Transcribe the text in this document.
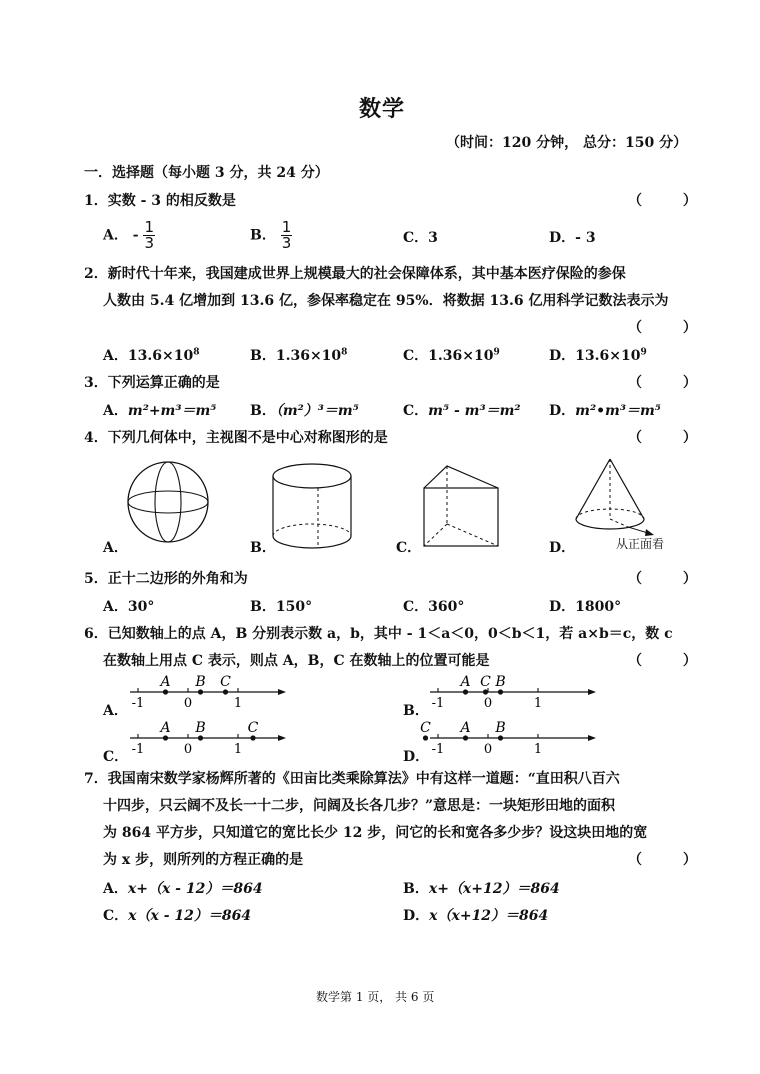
数学
（时间：120 分钟， 总分：150 分）
一．选择题（每小题 3 分，共 24 分）
1．实数 - 3 的相反数是	（ ）
A． - $\frac{1}{3}$	B． $\frac{1}{3}$	C．3	D．- 3
2．新时代十年来，我国建成世界上规模最大的社会保障体系，其中基本医疗保险的参保
人数由 5.4 亿增加到 13.6 亿，参保率稳定在 95%．将数据 13.6 亿用科学记数法表示为
（ ）
A．$13.6\times 10^8$	B．$1.36\times 10^8$	C．$1.36\times 10^9$	D．$13.6\times 10^9$
3．下列运算正确的是	（ ）
A．m²+m³＝m⁵ B．（m²）³＝m⁵	C．m⁵ - m³＝m² D．m²•m³＝m⁵
4．下列几何体中，主视图不是中心对称图形的是	（ ）
A．	B．	C．	从正面看
D．
5．正十二边形的外角和为	（ ）
A．30°	B．150°	C．360°	D．1800°
6．已知数轴上的点 A，B 分别表示数 a，b，其中 - 1＜a＜0，0＜b＜1，若 a×b＝c，数 c
在数轴上用点 C 表示，则点 A，B，C 在数轴上的位置可能是	（ ）
A． -1	0	1
A B C
B． -1	0	1
A C B
C． -1	0	1
A B	C
D． -1	0	1
C A B
7．我国南宋数学家杨辉所著的《田亩比类乘除算法》中有这样一道题：“直田积八百六
十四步，只云阔不及长一十二步，问阔及长各几步？”意思是：一块矩形田地的面积
为 864 平方步，只知道它的宽比长少 12 步，问它的长和宽各多少步？设这块田地的宽
为 x 步，则所列的方程正确的是	（ ）
A．x+（x - 12）＝864	B．x+（x+12）＝864
C．x（x - 12）＝864	D．x（x+12）＝864
数学第 1 页， 共 6 页
